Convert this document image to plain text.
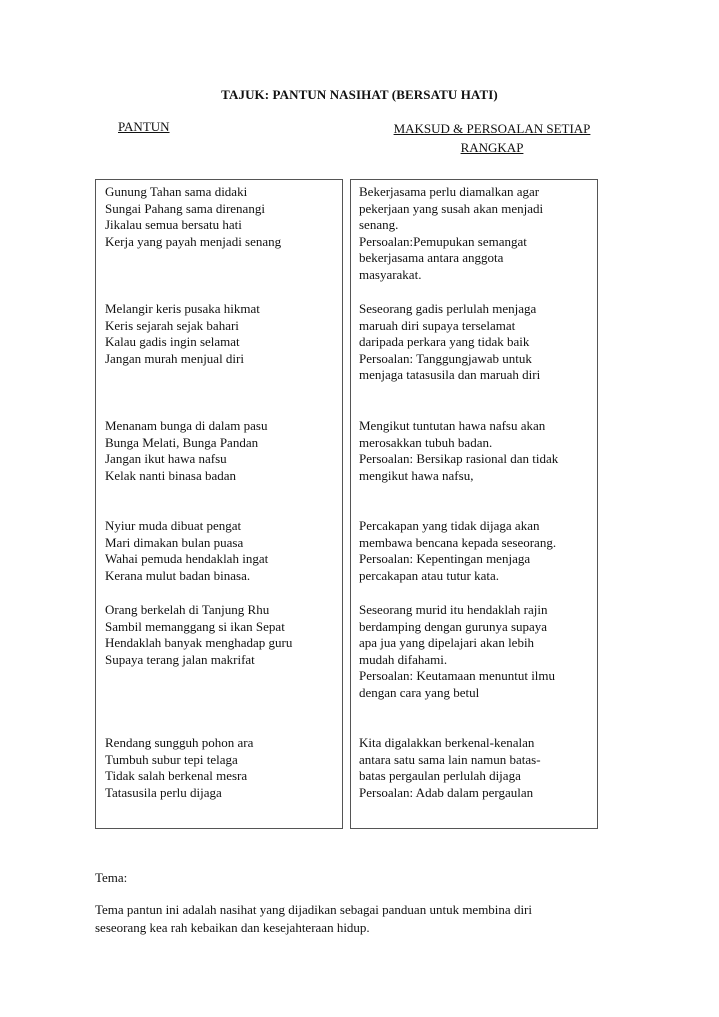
TAJUK: PANTUN NASIHAT (BERSATU HATI)
PANTUN	MAKSUD & PERSOALAN SETIAP
RANGKAP
Gunung Tahan sama didaki
Sungai Pahang sama direnangi
Jikalau semua bersatu hati
Kerja yang payah menjadi senang
Melangir keris pusaka hikmat
Keris sejarah sejak bahari
Kalau gadis ingin selamat
Jangan murah menjual diri
Menanam bunga di dalam pasu
Bunga Melati, Bunga Pandan
Jangan ikut hawa nafsu
Kelak nanti binasa badan
Nyiur muda dibuat pengat
Mari dimakan bulan puasa
Wahai pemuda hendaklah ingat
Kerana mulut badan binasa.
Orang berkelah di Tanjung Rhu
Sambil memanggang si ikan Sepat
Hendaklah banyak menghadap guru
Supaya terang jalan makrifat
Rendang sungguh pohon ara
Tumbuh subur tepi telaga
Tidak salah berkenal mesra
Tatasusila perlu dijaga
Bekerjasama perlu diamalkan agar
pekerjaan yang susah akan menjadi
senang.
Persoalan:Pemupukan semangat
bekerjasama antara anggota
masyarakat.
Seseorang gadis perlulah menjaga
maruah diri supaya terselamat
daripada perkara yang tidak baik
Persoalan: Tanggungjawab untuk
menjaga tatasusila dan maruah diri
Mengikut tuntutan hawa nafsu akan
merosakkan tubuh badan.
Persoalan: Bersikap rasional dan tidak
mengikut hawa nafsu,
Percakapan yang tidak dijaga akan
membawa bencana kepada seseorang.
Persoalan: Kepentingan menjaga
percakapan atau tutur kata.
Seseorang murid itu hendaklah rajin
berdamping dengan gurunya supaya
apa jua yang dipelajari akan lebih
mudah difahami.
Persoalan: Keutamaan menuntut ilmu
dengan cara yang betul
Kita digalakkan berkenal-kenalan
antara satu sama lain namun batas-
batas pergaulan perlulah dijaga
Persoalan: Adab dalam pergaulan
Tema:
Tema pantun ini adalah nasihat yang dijadikan sebagai panduan untuk membina diri
seseorang kea rah kebaikan dan kesejahteraan hidup.
